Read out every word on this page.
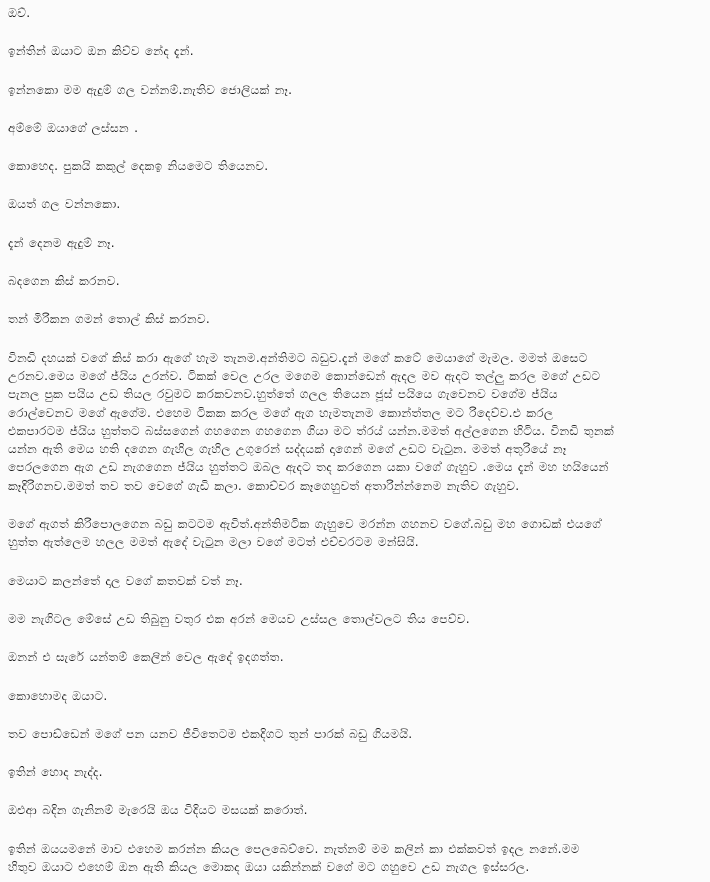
ඔව්.

ඉන්තින් ඔයාට ඔන කිව්ව නේද දැන්.

ඉන්නකො මම ඇදුම් ගල වන්නම්.නැතිව ජොලියක් නෑ.

අම්මේ ඔයාගේ ලස්සන .

කොහෙද. පුකයි කකුල් දෙකඉ නියමෙට තියෙනව.

ඔයත් ගල වන්නකො.

දැන් දෙනම ඇදුම් නෑ.

බදගෙන කිස් කරනව.

තන් මිරිකන ගමන් තොල් කිස් කරනව.

විනඩි දහයක් වගේ කිස් කරා ඇගේ හැම තැනම.අන්තිමට බඩුව.දැන් මගේ කටේ මෙයාගේ මැමල. මමත් ඔසෙට
උරනව.මෙය මගේ ජ්යිය උරන්ව. ටිකක් වෙල උරල මගෙම කොන්ඩෙන් ඇදල මව ඇදට තල්ලු කරල මගේ උඩට
පැනල පුක පයිය උඩ තියල රවුමට කරකවනව.හුත්තේ ගලල තියෙන ජූස් පයියෙ ගැවෙනව වගේම ජ්යිය
රොල්වෙනව මගේ ඇගේම. එහෙම ටිකක කරල මගේ ඇග හැමතැනම කොන්ත්තල මට රිදෙව්ව.එ කරල
එකපාරටම ජ්යිය හුත්තට බස්සගෙන් ගහගෙන ගහගෙන ගියා මට ත්රය් යන්න.මමත් අල්ලගෙන හිටිය. විනඩි තුනක්
යන්න ඇති මෙය හති දගෙන ගැහිල ගැහිල උගුරෙන් සද්දයක් දාගෙන් මගේ උඩට වැටුන. මමත් අතුරියේ නෑ
පෙරලගෙන ඇග උඩ නැගගෙන ජ්යිය හුත්තට ඔබල ඇදට තද කරගෙන යකා වගේ ගැහුව .මෙය දැන් මහ හයියෙන්
කෑදිරිගනව.මමත් තව තව වෙගේ ගැඩි කලා. කොච්චර කෑගෙහුවත් අතාරින්න්නෙම නැතිව ගැහුව.

මගේ ඇගත් කිරිපොලගෙන බඩු කටටම ඇවිත්.අන්තිමටික ගැහුවෙ මරන්න ගහනව වගේ.බඩු මහ ගොඩක් එයගේ
හුත්ත ඇත්ලෙම හලල මමත් ඇදේ වැටුන මලා වගේ මටත් එච්චරටම මන්සියි.

මෙයාට කලන්තේ දාල වගේ කතවක් වත් නෑ.

මම නැගිටල මේසේ උඩ තිබුනු වතුර එක අරන් මෙයව උස්සල තොල්වලට තිය පෙව්ව.

ඔනන් එ සැරේ යන්තම් කෙලින් වෙල ඇදේ ඉදගත්ත.

කොහොමද ඔයාට.

තව පොඩ්ඩෙන් මගේ පන යනව ජීවිතෙටම එකදිගට තුන් පාරක් බඩු ගියමයි.

ඉතින් හොද නැද්ද.

ඔළුආ බදින ගැනිනම් මැරෙයි ඔය විදියට මසයක් කරොත්.

ඉතින් ඔයයමනේ මාව එහෙම කරන්න කියල පෙලබෙව්වෙ. නැත්නම් මම කලින් කා එක්කවත් ඉදල නනේ.මම
හිතුව ඔයාට එහෙම් ඔන ඇති කියල මොකද ඔයා යකින්නක් වගේ මට ගහුවෙ උඩ නැගල ඉස්සරල.
